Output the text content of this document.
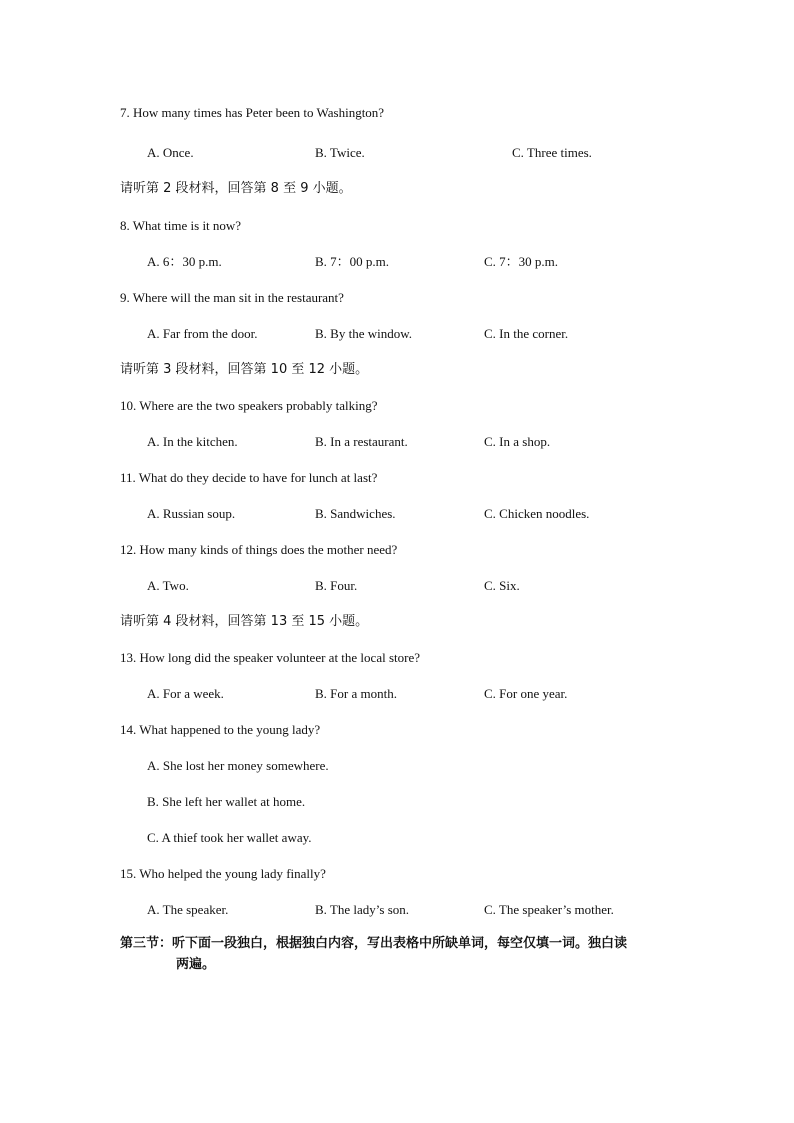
7. How many times has Peter been to Washington?
A. Once.	B. Twice.	C. Three times.
请听第 2 段材料，回答第 8 至 9 小题。
8. What time is it now?
A. 6：30 p.m.	B. 7：00 p.m.	C. 7：30 p.m.
9. Where will the man sit in the restaurant?
A. Far from the door.	B. By the window.	C. In the corner.
请听第 3 段材料，回答第 10 至 12 小题。
10. Where are the two speakers probably talking?
A. In the kitchen.	B. In a restaurant.	C. In a shop.
11. What do they decide to have for lunch at last?
A. Russian soup.	B. Sandwiches.	C. Chicken noodles.
12. How many kinds of things does the mother need?
A. Two.	B. Four.	C. Six.
请听第 4 段材料，回答第 13 至 15 小题。
13. How long did the speaker volunteer at the local store?
A. For a week.	B. For a month.	C. For one year.
14. What happened to the young lady?
A. She lost her money somewhere.
B. She left her wallet at home.
C. A thief took her wallet away.
15. Who helped the young lady finally?
A. The speaker.	B. The lady’s son.	C. The speaker’s mother.
第三节：听下面一段独白，根据独白内容，写出表格中所缺单词，每空仅填一词。独白读
两遍。
